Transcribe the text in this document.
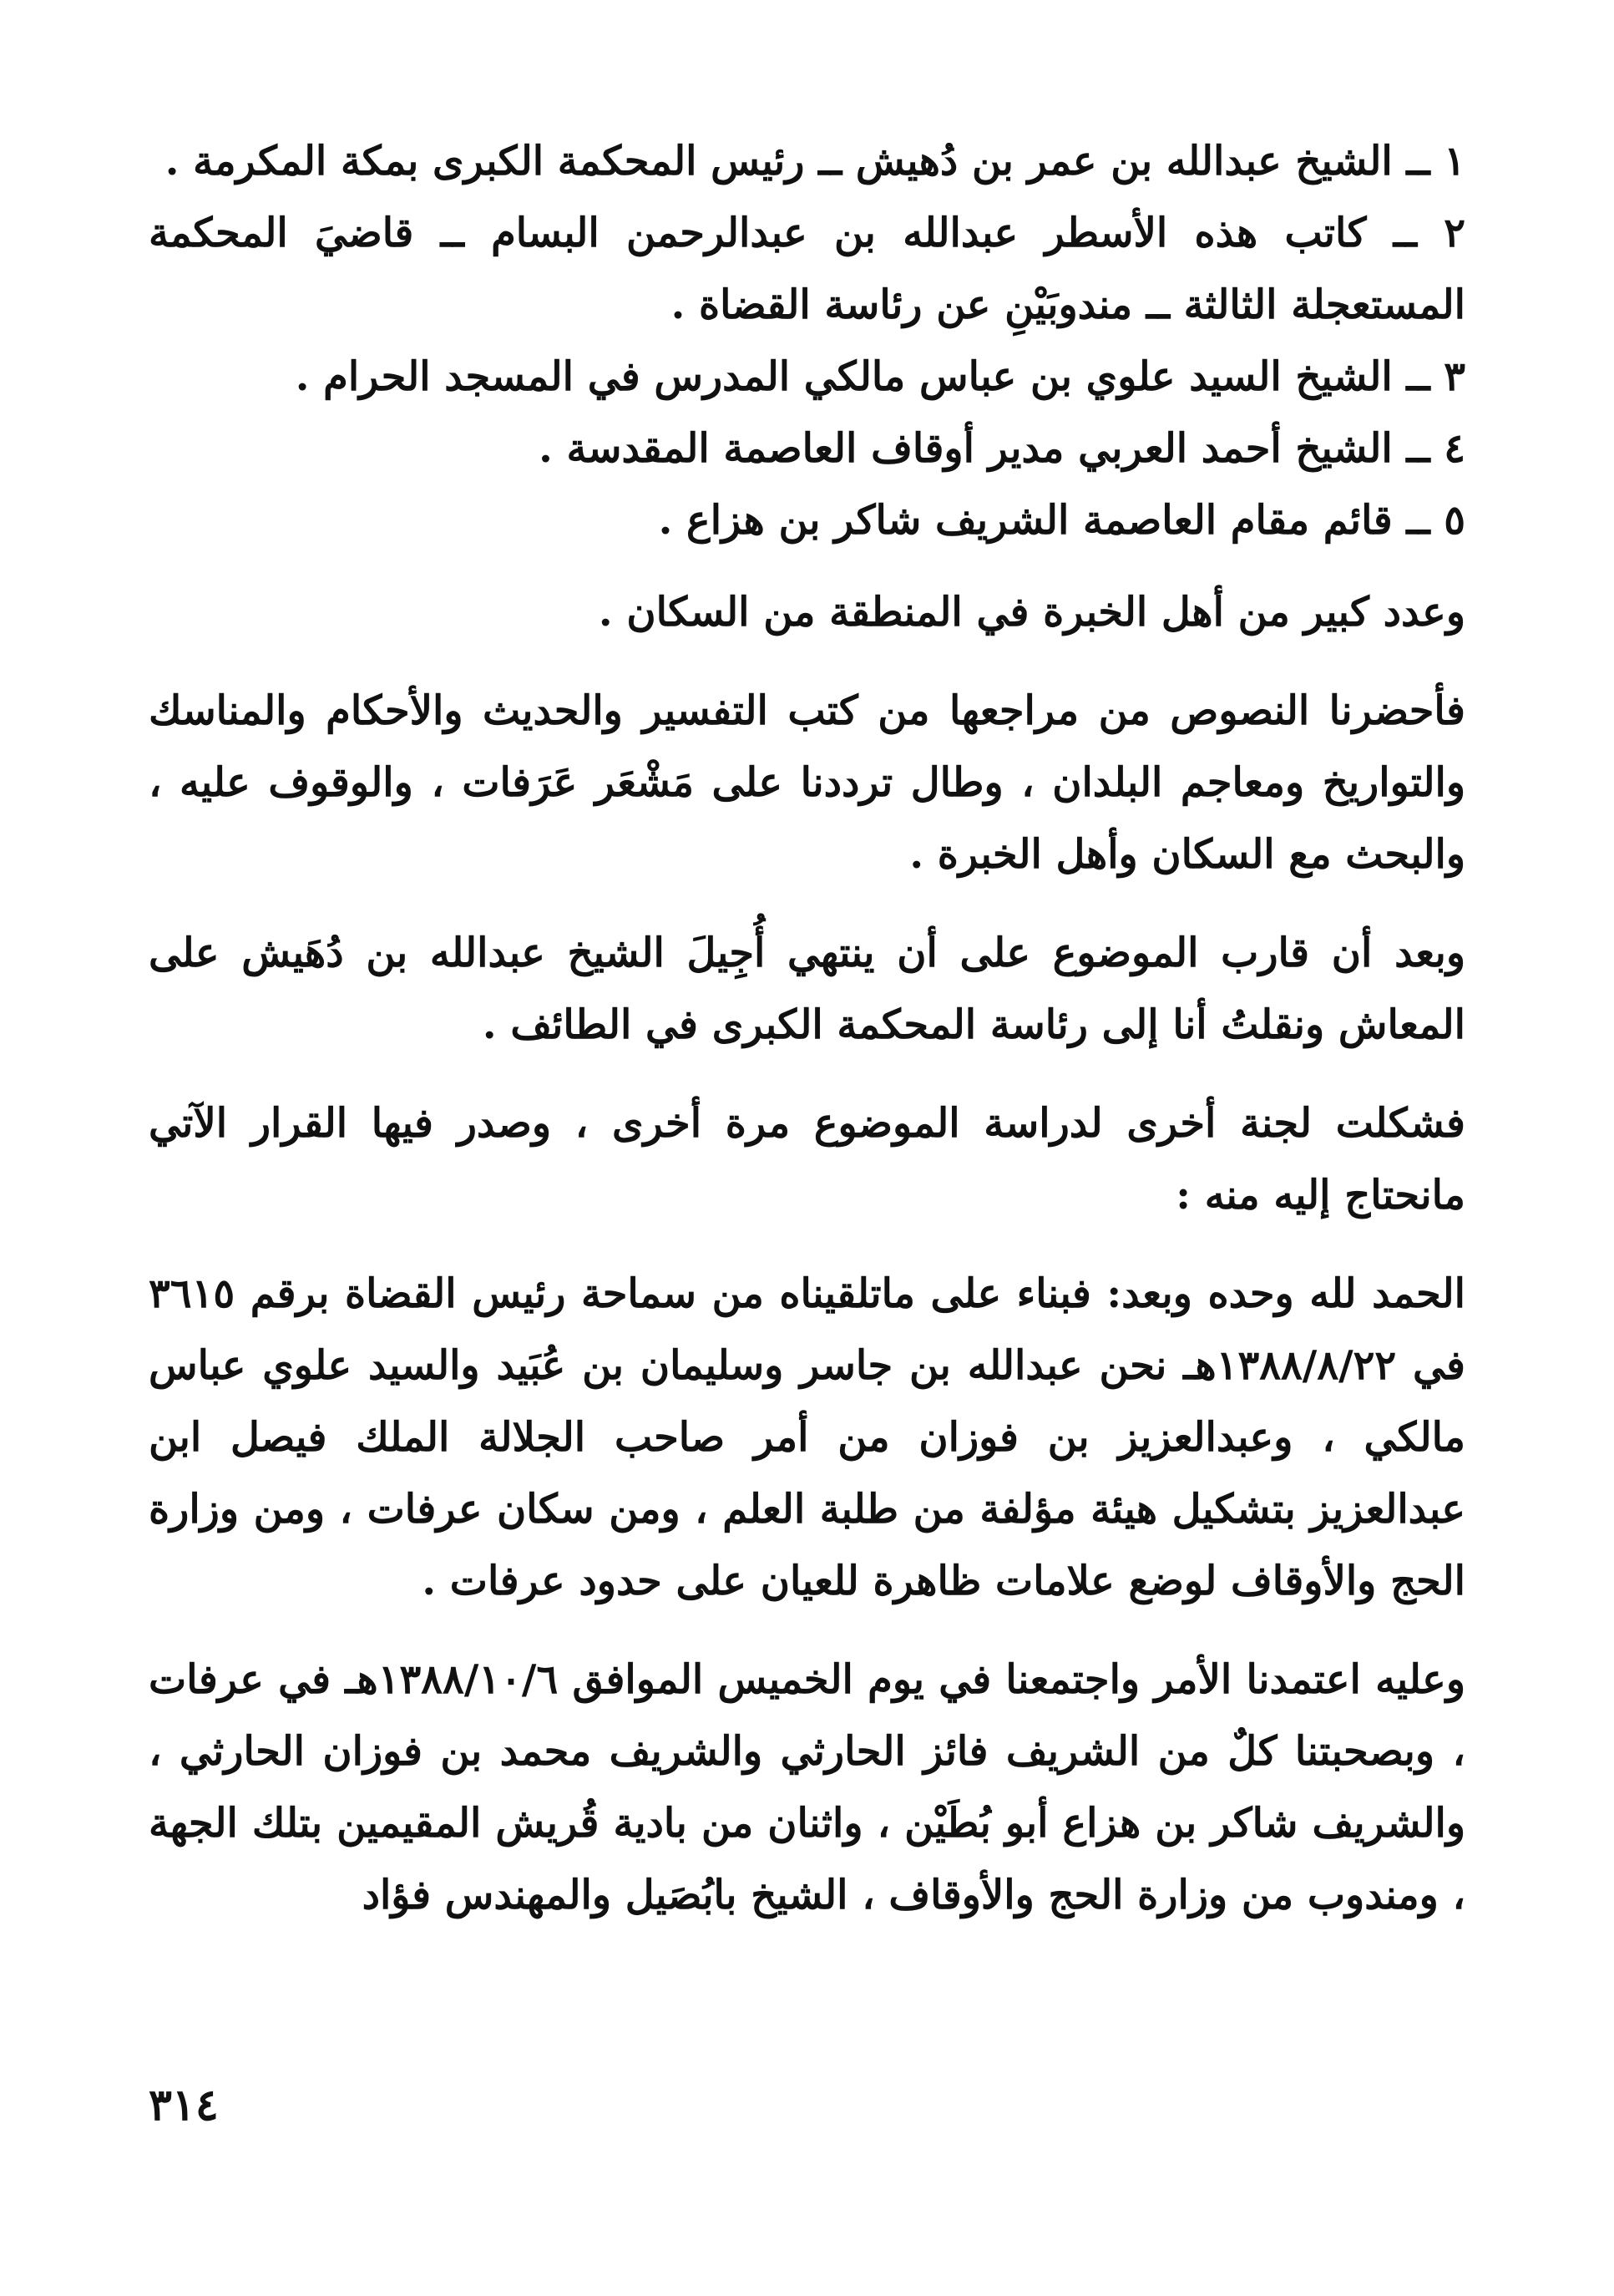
١ ــ الشيخ عبدالله بن عمر بن دُهيش ــ رئيس المحكمة الكبرى بمكة المكرمة .

٢ ــ كاتب هذه الأسطر عبدالله بن عبدالرحمن البسام ــ قاضيَ المحكمة المستعجلة الثالثة ــ مندوبَيْنِ عن رئاسة القضاة .

٣ ــ الشيخ السيد علوي بن عباس مالكي المدرس في المسجد الحرام .

٤ ــ الشيخ أحمد العربي مدير أوقاف العاصمة المقدسة .

٥ ــ قائم مقام العاصمة الشريف شاكر بن هزاع .

وعدد كبير من أهل الخبرة في المنطقة من السكان .

فأحضرنا النصوص من مراجعها من كتب التفسير والحديث والأحكام والمناسك والتواريخ ومعاجم البلدان ، وطال ترددنا على مَشْعَر عَرَفات ، والوقوف عليه ، والبحث مع السكان وأهل الخبرة .

وبعد أن قارب الموضوع على أن ينتهي أُجِيلَ الشيخ عبدالله بن دُهَيش على المعاش ونقلتُ أنا إلى رئاسة المحكمة الكبرى في الطائف .

فشكلت لجنة أخرى لدراسة الموضوع مرة أخرى ، وصدر فيها القرار الآتي مانحتاج إليه منه :

الحمد لله وحده وبعد: فبناء على ماتلقيناه من سماحة رئيس القضاة برقم ٣٦١٥ في ١٣٨٨/٨/٢٢هـ نحن عبدالله بن جاسر وسليمان بن عُبَيد والسيد علوي عباس مالكي ، وعبدالعزيز بن فوزان من أمر صاحب الجلالة الملك فيصل ابن عبدالعزيز بتشكيل هيئة مؤلفة من طلبة العلم ، ومن سكان عرفات ، ومن وزارة الحج والأوقاف لوضع علامات ظاهرة للعيان على حدود عرفات .

وعليه اعتمدنا الأمر واجتمعنا في يوم الخميس الموافق ١٣٨٨/١٠/٦هـ في عرفات ، وبصحبتنا كلٌ من الشريف فائز الحارثي والشريف محمد بن فوزان الحارثي ، والشريف شاكر بن هزاع أبو بُطَيْن ، واثنان من بادية قُريش المقيمين بتلك الجهة ، ومندوب من وزارة الحج والأوقاف ، الشيخ بابُصَيل والمهندس فؤاد

٣١٤
